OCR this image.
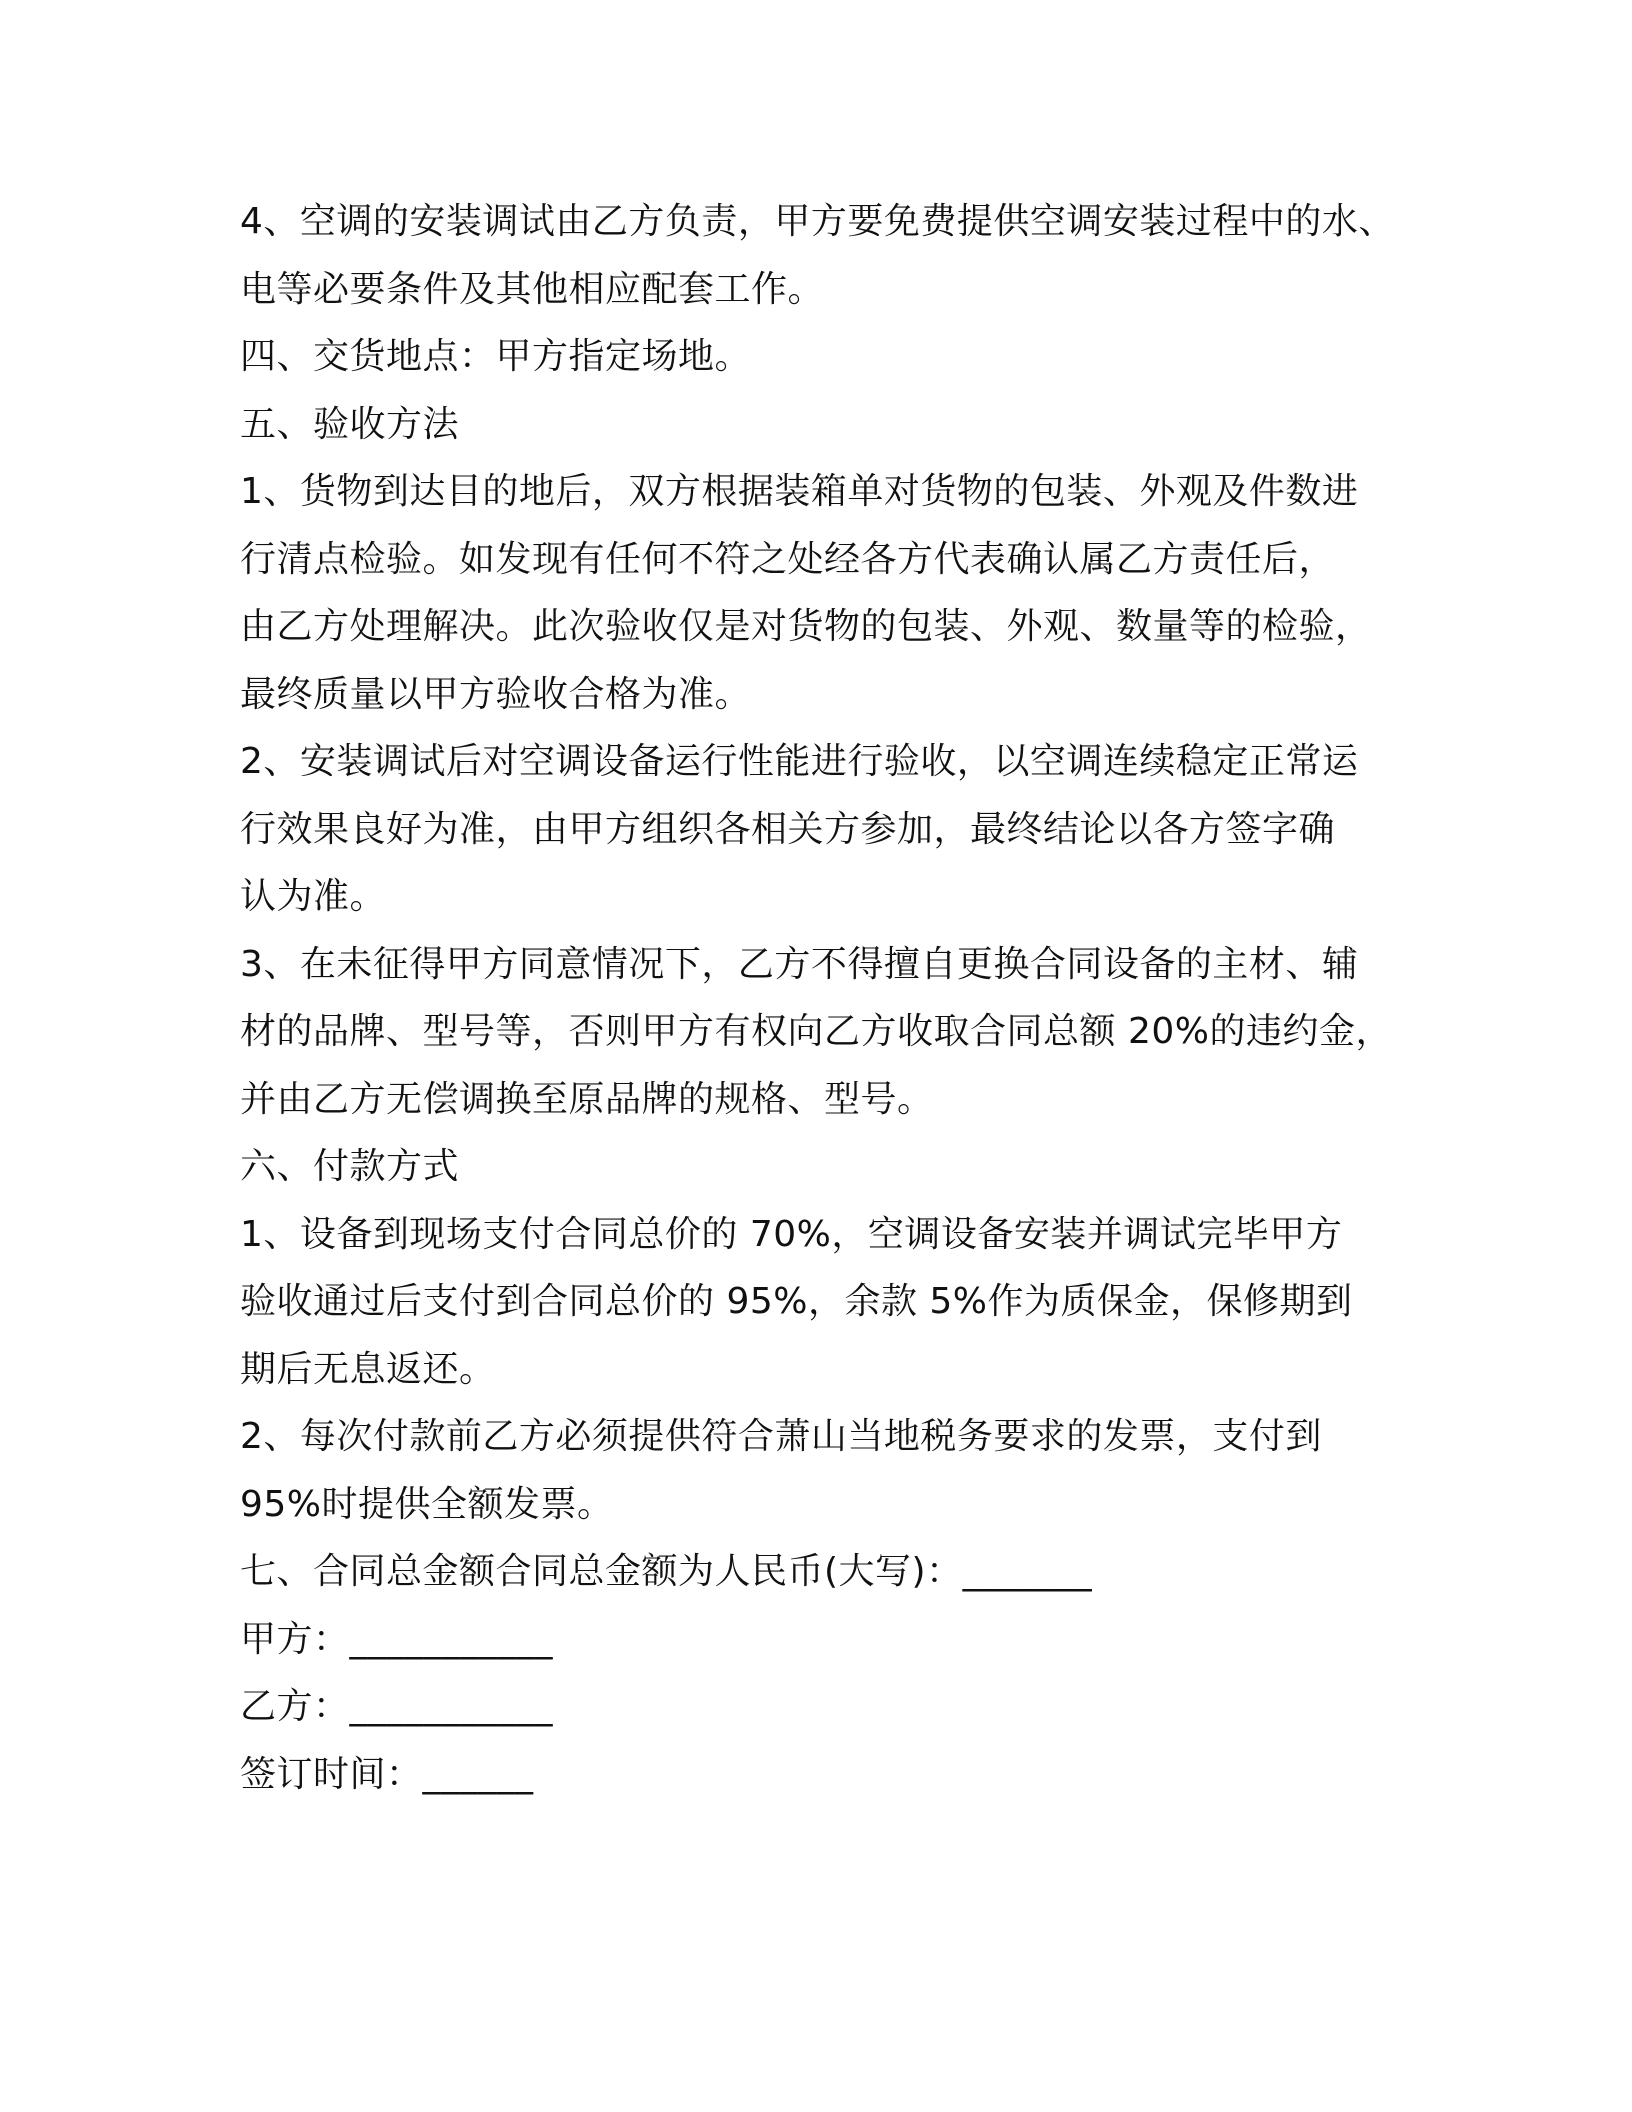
4、空调的安装调试由乙方负责，甲方要免费提供空调安装过程中的水、
电等必要条件及其他相应配套工作。
四、交货地点：甲方指定场地。
五、验收方法
1、货物到达目的地后，双方根据装箱单对货物的包装、外观及件数进
行清点检验。如发现有任何不符之处经各方代表确认属乙方责任后，
由乙方处理解决。此次验收仅是对货物的包装、外观、数量等的检验，
最终质量以甲方验收合格为准。
2、安装调试后对空调设备运行性能进行验收，以空调连续稳定正常运
行效果良好为准，由甲方组织各相关方参加，最终结论以各方签字确
认为准。
3、在未征得甲方同意情况下，乙方不得擅自更换合同设备的主材、辅
材的品牌、型号等，否则甲方有权向乙方收取合同总额 20%的违约金，
并由乙方无偿调换至原品牌的规格、型号。
六、付款方式
1、设备到现场支付合同总价的 70%，空调设备安装并调试完毕甲方
验收通过后支付到合同总价的 95%，余款 5%作为质保金，保修期到
期后无息返还。
2、每次付款前乙方必须提供符合萧山当地税务要求的发票，支付到
95%时提供全额发票。
七、合同总金额合同总金额为人民币(大写)：_______
甲方：___________
乙方：___________
签订时间：______
